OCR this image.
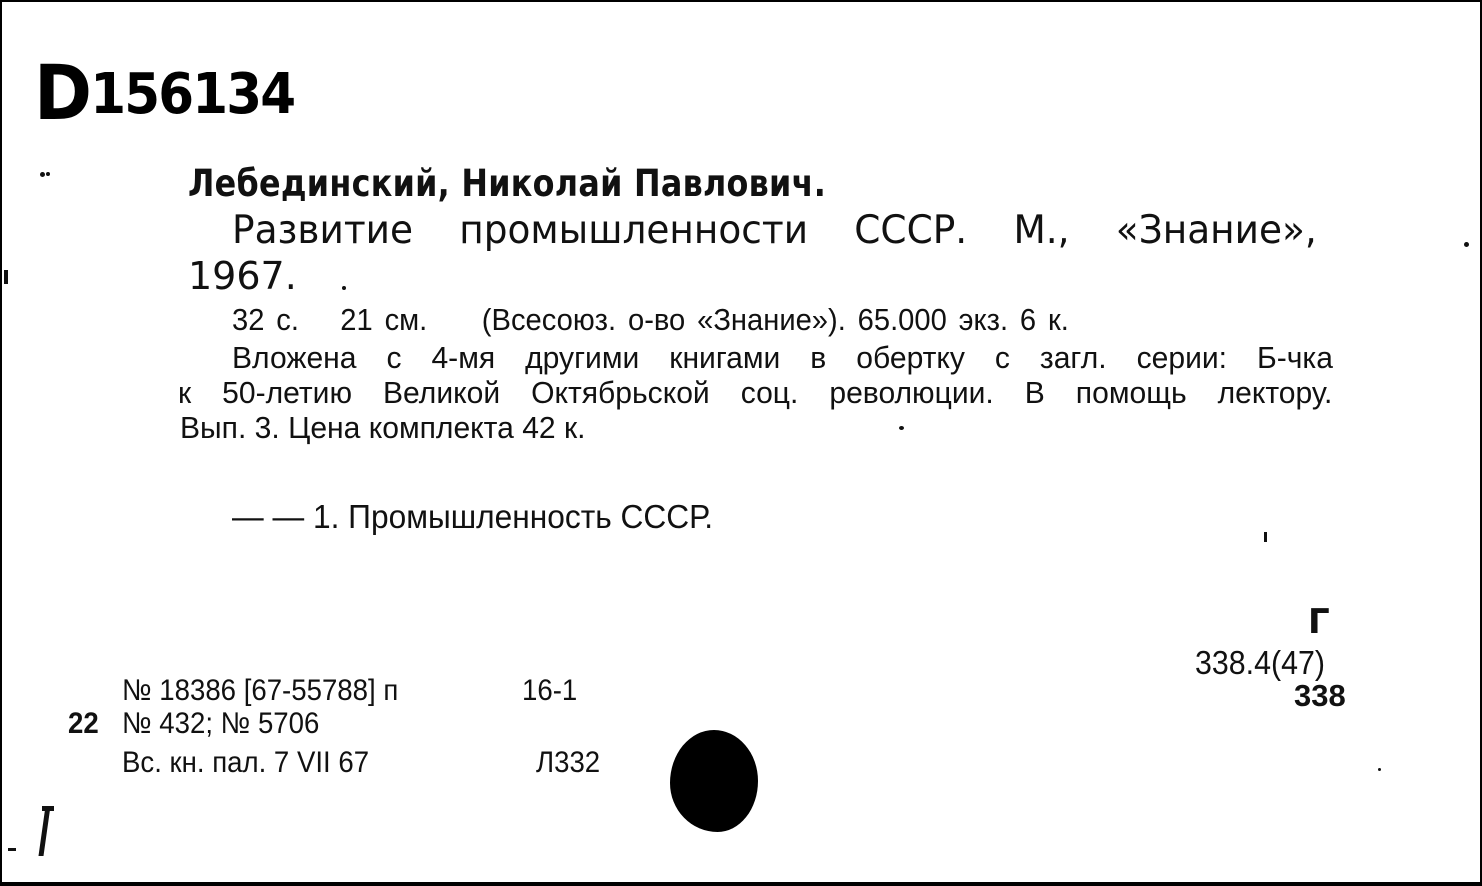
D156134
Лебединский, Николай Павлович.
Развитие промышленности СССР. М., «Знание»,
1967.
32 с. 21 см. (Всесоюз. о-во «Знание»). 65.000 экз. 6 к.
Вложена с 4-мя другими книгами в обертку с загл. серии: Б-чка
к 50-летию Великой Октябрьской соц. революции. В помощь лектору.
Вып. 3. Цена комплекта 42 к.
— — 1. Промышленность СССР.
Г
338.4(47)
338
№ 18386 [67-55788] п	16-1
22 № 432; № 5706
Вс. кн. пал. 7 VII 67	Л332
